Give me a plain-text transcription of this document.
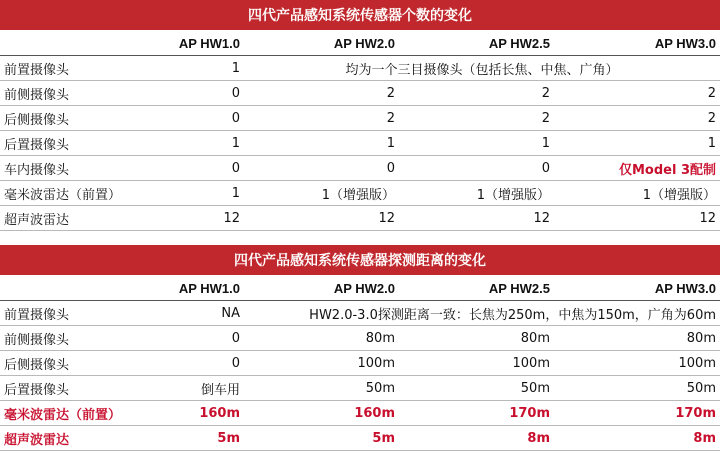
四代产品感知系统传感器个数的变化
AP HW1.0	AP HW2.0	AP HW2.5	AP HW3.0
前置摄像头	1	均为一个三目摄像头（包括长焦、中焦、广角）
前侧摄像头	0	2	2	2
后侧摄像头	0	2	2	2
后置摄像头	1	1	1	1
车内摄像头	0	0	0	仅Model 3配制
毫米波雷达（前置）	1	1（增强版）	1（增强版）	1（增强版）
超声波雷达	12	12	12	12
四代产品感知系统传感器探测距离的变化
AP HW1.0	AP HW2.0	AP HW2.5	AP HW3.0
前置摄像头	NA	HW2.0-3.0探测距离一致：长焦为250m，中焦为150m，广角为60m
前侧摄像头	0	80m	80m	80m
后侧摄像头	0	100m	100m	100m
后置摄像头	倒车用	50m	50m	50m
毫米波雷达（前置）	160m	160m	170m	170m
超声波雷达	5m	5m	8m	8m
